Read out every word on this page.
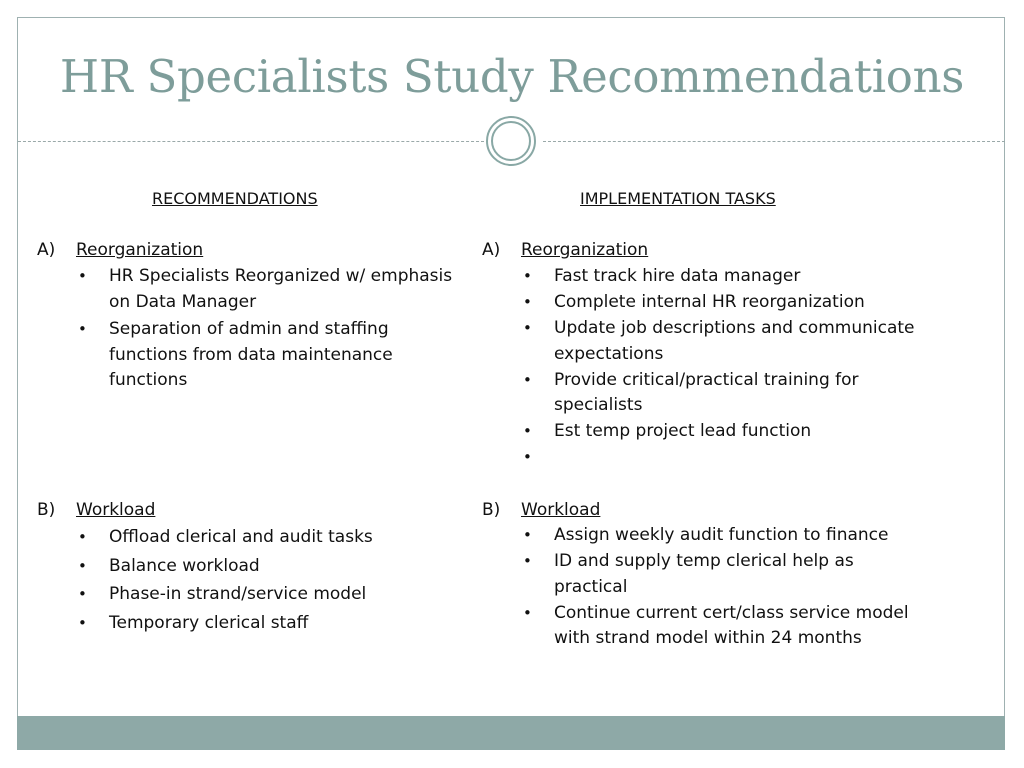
HR Specialists Study Recommendations
RECOMMENDATIONS	IMPLEMENTATION TASKS
A) Reorganization
• HR Specialists Reorganized w/ emphasis on Data Manager
• Separation of admin and staffing functions from data maintenance functions
B) Workload
• Offload clerical and audit tasks
• Balance workload
• Phase-in strand/service model
• Temporary clerical staff
A) Reorganization
• Fast track hire data manager
• Complete internal HR reorganization
• Update job descriptions and communicate expectations
• Provide critical/practical training for specialists
• Est temp project lead function
•
B) Workload
• Assign weekly audit function to finance
• ID and supply temp clerical help as practical
• Continue current cert/class service model with strand model within 24 months
